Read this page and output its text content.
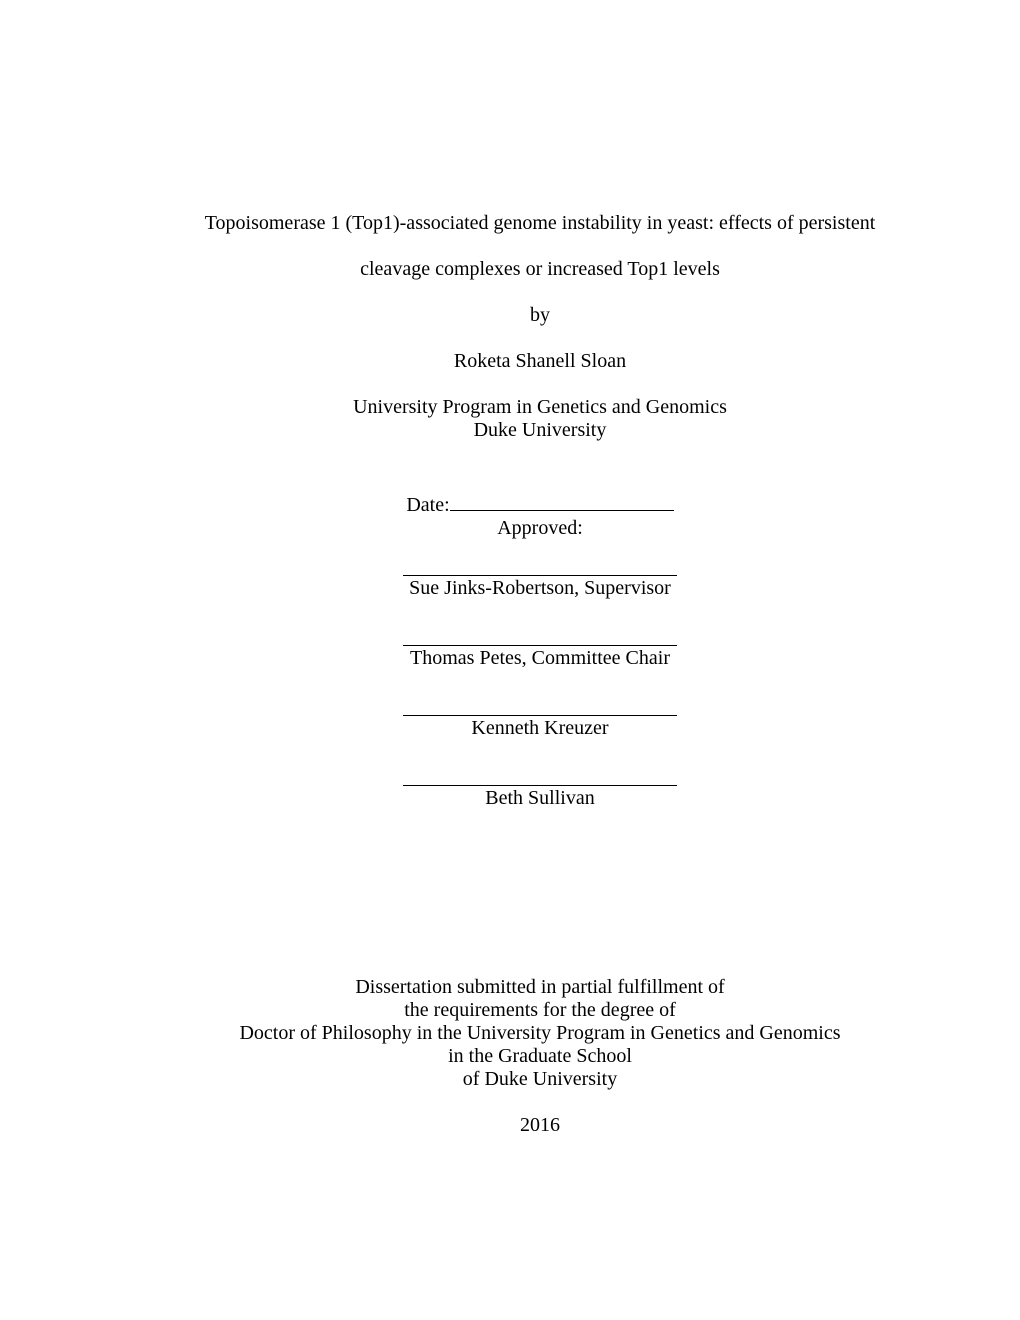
Topoisomerase 1 (Top1)-associated genome instability in yeast: effects of persistent
cleavage complexes or increased Top1 levels
by
Roketa Shanell Sloan
University Program in Genetics and Genomics
Duke University
Date:
Approved:
Sue Jinks-Robertson, Supervisor
Thomas Petes, Committee Chair
Kenneth Kreuzer
Beth Sullivan
Dissertation submitted in partial fulfillment of
the requirements for the degree of
Doctor of Philosophy in the University Program in Genetics and Genomics
in the Graduate School
of Duke University
2016
